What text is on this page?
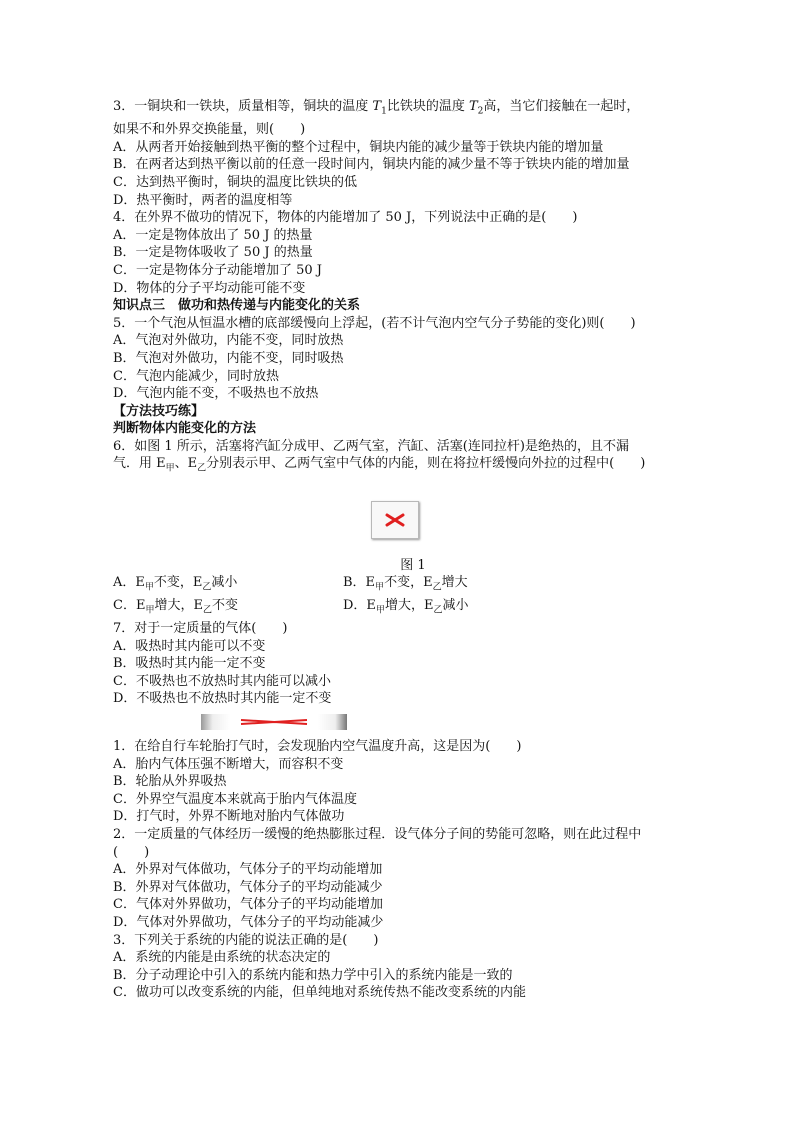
3．一铜块和一铁块，质量相等，铜块的温度 $T_1$比铁块的温度 $T_2$高，当它们接触在一起时，
如果不和外界交换能量，则(　　)
A．从两者开始接触到热平衡的整个过程中，铜块内能的减少量等于铁块内能的增加量
B．在两者达到热平衡以前的任意一段时间内，铜块内能的减少量不等于铁块内能的增加量
C．达到热平衡时，铜块的温度比铁块的低
D．热平衡时，两者的温度相等
4．在外界不做功的情况下，物体的内能增加了 50 J，下列说法中正确的是(　　)
A．一定是物体放出了 50 J 的热量
B．一定是物体吸收了 50 J 的热量
C．一定是物体分子动能增加了 50 J
D．物体的分子平均动能可能不变
知识点三　做功和热传递与内能变化的关系
5．一个气泡从恒温水槽的底部缓慢向上浮起，(若不计气泡内空气分子势能的变化)则(　　)
A．气泡对外做功，内能不变，同时放热
B．气泡对外做功，内能不变，同时吸热
C．气泡内能减少，同时放热
D．气泡内能不变，不吸热也不放热
【方法技巧练】
判断物体内能变化的方法
6．如图 1 所示，活塞将汽缸分成甲、乙两气室，汽缸、活塞(连同拉杆)是绝热的，且不漏
气．用 $E_甲$、$E_乙$分别表示甲、乙两气室中气体的内能，则在将拉杆缓慢向外拉的过程中(　　)
图 1
A．$E_甲$不变，$E_乙$减小	B．$E_甲$不变，$E_乙$增大
C．$E_甲$增大，$E_乙$不变	D．$E_甲$增大，$E_乙$减小
7．对于一定质量的气体(　　)
A．吸热时其内能可以不变
B．吸热时其内能一定不变
C．不吸热也不放热时其内能可以减小
D．不吸热也不放热时其内能一定不变
1．在给自行车轮胎打气时，会发现胎内空气温度升高，这是因为(　　)
A．胎内气体压强不断增大，而容积不变
B．轮胎从外界吸热
C．外界空气温度本来就高于胎内气体温度
D．打气时，外界不断地对胎内气体做功
2．一定质量的气体经历一缓慢的绝热膨胀过程．设气体分子间的势能可忽略，则在此过程中
(　　)
A．外界对气体做功，气体分子的平均动能增加
B．外界对气体做功，气体分子的平均动能减少
C．气体对外界做功，气体分子的平均动能增加
D．气体对外界做功，气体分子的平均动能减少
3．下列关于系统的内能的说法正确的是(　　)
A．系统的内能是由系统的状态决定的
B．分子动理论中引入的系统内能和热力学中引入的系统内能是一致的
C．做功可以改变系统的内能，但单纯地对系统传热不能改变系统的内能
